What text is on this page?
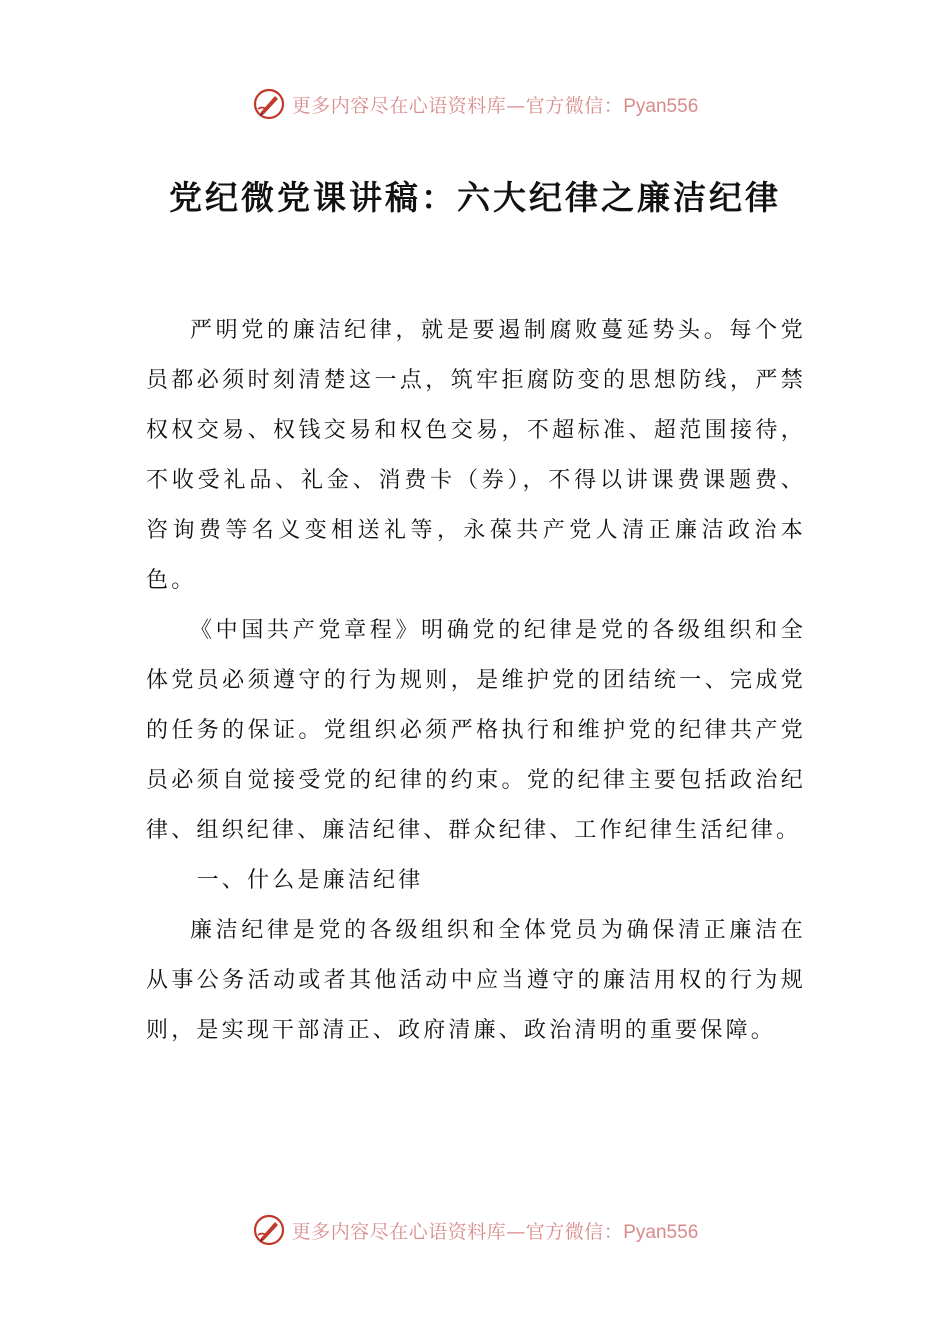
更多内容尽在心语资料库—官方微信：Pyan556
党纪微党课讲稿：六大纪律之廉洁纪律

严明党的廉洁纪律，就是要遏制腐败蔓延势头。每个党员都必须时刻清楚这一点，筑牢拒腐防变的思想防线，严禁权权交易、权钱交易和权色交易，不超标准、超范围接待，不收受礼品、礼金、消费卡（券），不得以讲课费课题费、咨询费等名义变相送礼等，永葆共产党人清正廉洁政治本色。

《中国共产党章程》明确党的纪律是党的各级组织和全体党员必须遵守的行为规则，是维护党的团结统一、完成党的任务的保证。党组织必须严格执行和维护党的纪律共产党员必须自觉接受党的纪律的约束。党的纪律主要包括政治纪律、组织纪律、廉洁纪律、群众纪律、工作纪律生活纪律。

一、什么是廉洁纪律

廉洁纪律是党的各级组织和全体党员为确保清正廉洁在从事公务活动或者其他活动中应当遵守的廉洁用权的行为规则，是实现干部清正、政府清廉、政治清明的重要保障。

更多内容尽在心语资料库—官方微信：Pyan556
